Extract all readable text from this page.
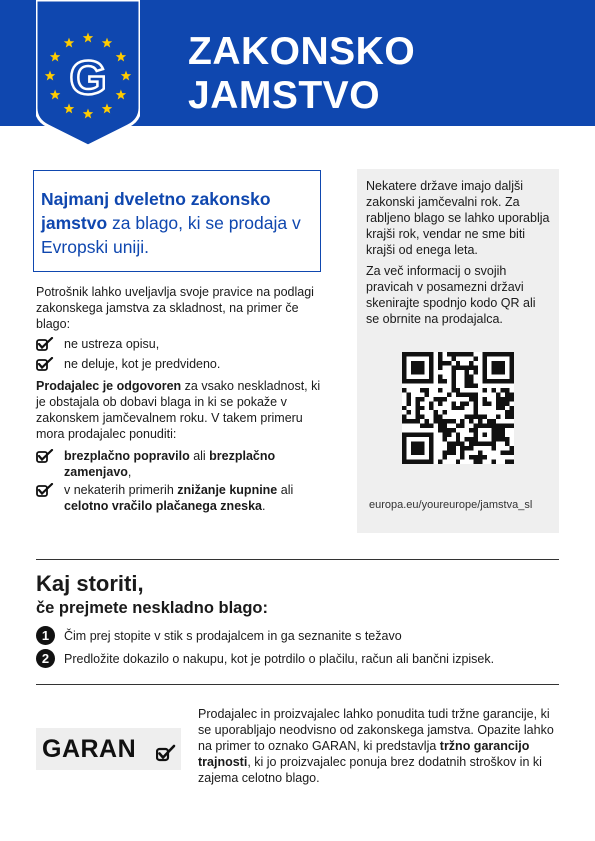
G
ZAKONSKO
JAMSTVO
Najmanj dveletno zakonsko jamstvo za blago, ki se prodaja v Evropski uniji.
Potrošnik lahko uveljavlja svoje pravice na podlagi zakonskega jamstva za skladnost, na primer če blago:
ne ustreza opisu,
ne deluje, kot je predvideno.
Prodajalec je odgovoren za vsako neskladnost, ki je obstajala ob dobavi blaga in ki se pokaže v zakonskem jamčevalnem roku. V takem primeru mora prodajalec ponuditi:
brezplačno popravilo ali brezplačno zamenjavo,
v nekaterih primerih znižanje kupnine ali celotno vračilo plačanega zneska.
Nekatere države imajo daljši zakonski jamčevalni rok. Za rabljeno blago se lahko uporablja krajši rok, vendar ne sme biti krajši od enega leta.
Za več informacij o svojih pravicah v posamezni državi skenirajte spodnjo kodo QR ali se obrnite na prodajalca.
europa.eu/youreurope/jamstva_sl
Kaj storiti,
če prejmete neskladno blago:
1	Čim prej stopite v stik s prodajalcem in ga seznanite s težavo
2	Predložite dokazilo o nakupu, kot je potrdilo o plačilu, račun ali bančni izpisek.
GARAN
Prodajalec in proizvajalec lahko ponudita tudi tržne garancije, ki se uporabljajo neodvisno od zakonskega jamstva. Opazite lahko na primer to oznako GARAN, ki predstavlja tržno garancijo trajnosti, ki jo proizvajalec ponuja brez dodatnih stroškov in ki zajema celotno blago.
